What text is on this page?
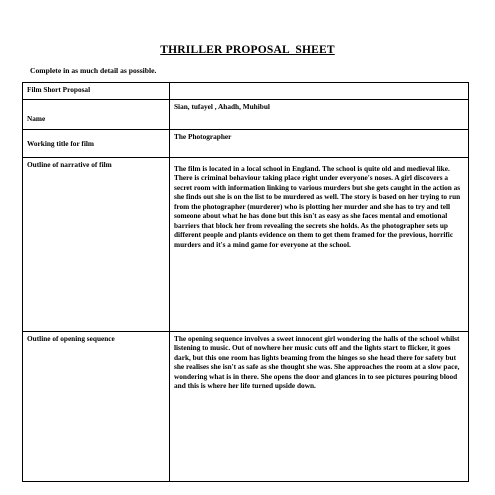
THRILLER PROPOSAL  SHEET
Complete in as much detail as possible.
Film Short Proposal	
Name	Sian, tufayel , Ahadh, Muhibul
Working title for film	The Photographer
Outline of narrative of film	The film is located in a local school in England. The school is quite old and medieval like. There is criminal behaviour taking place right under everyone's noses. A girl discovers a secret room with information linking to various murders but she gets caught in the action as she finds out she is on the list to be murdered as well. The story is based on her trying to run from the photographer (murderer) who is plotting her murder and she has to try and tell someone about what he has done but this isn't as easy as she faces mental and emotional barriers that block her from revealing the secrets she holds. As the photographer sets up different people and plants evidence on them to get them framed for the previous, horrific murders and it's a mind game for everyone at the school.
Outline of opening sequence	The opening sequence involves a sweet innocent girl wondering the halls of the school whilst listening to music. Out of nowhere her music cuts off and the lights start to flicker, it goes dark, but this one room has lights beaming from the hinges so she head there for safety but she realises she isn't as safe as she thought she was. She approaches the room at a slow pace, wondering what is in there. She opens the door and glances in to see pictures pouring blood and this is where her life turned upside down.
